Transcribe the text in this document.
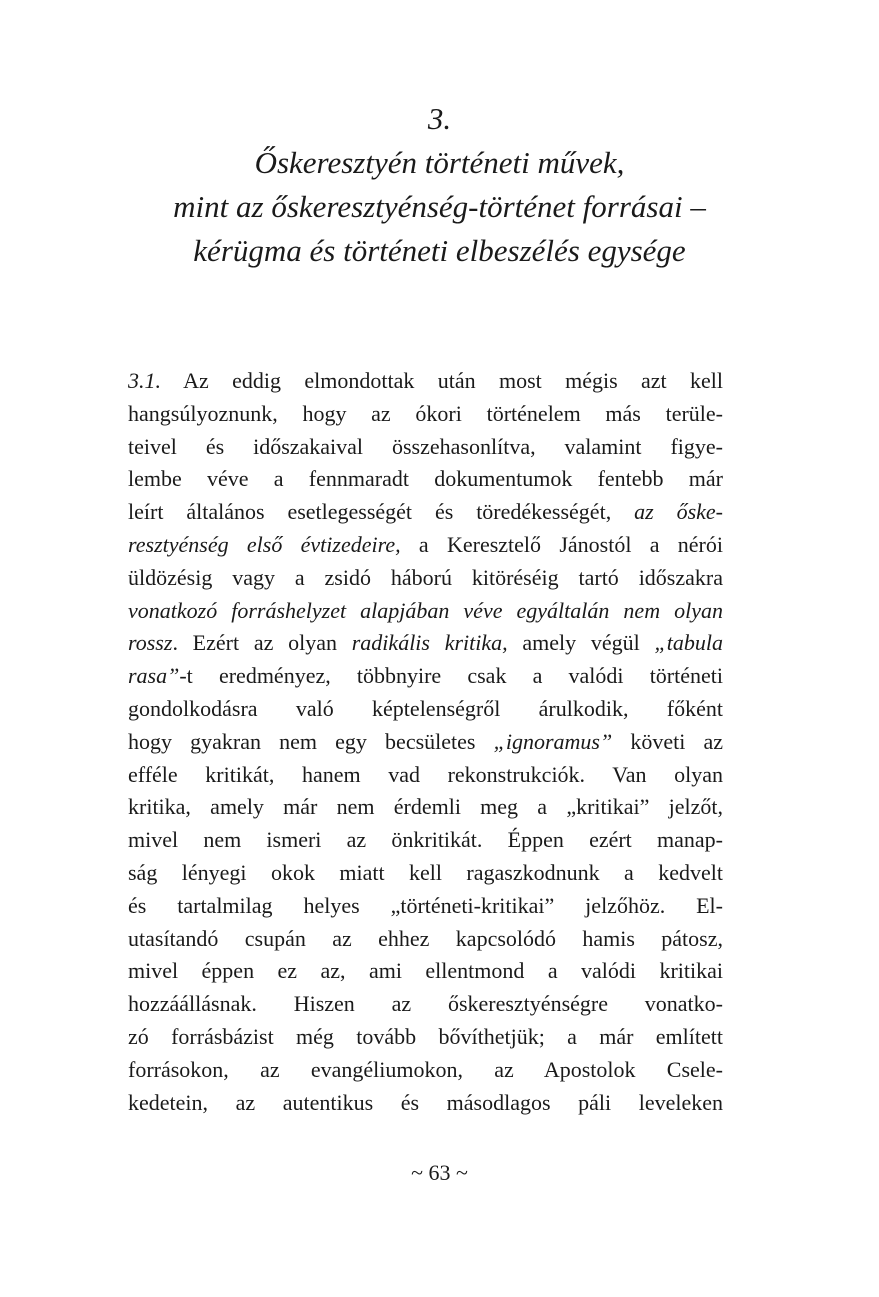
3.
Őskeresztyén történeti művek,
mint az őskeresztyénség-történet forrásai –
kérügma és történeti elbeszélés egysége
3.1. Az eddig elmondottak után most mégis azt kell
hangsúlyoznunk, hogy az ókori történelem más terüle-
teivel és időszakaival összehasonlítva, valamint figye-
lembe véve a fennmaradt dokumentumok fentebb már
leírt általános esetlegességét és töredékességét, az őske-
resztyénség első évtizedeire, a Keresztelő Jánostól a nérói
üldözésig vagy a zsidó háború kitöréséig tartó időszakra
vonatkozó forráshelyzet alapjában véve egyáltalán nem olyan
rossz. Ezért az olyan radikális kritika, amely végül „tabula
rasa”-t eredményez, többnyire csak a valódi történeti
gondolkodásra való képtelenségről árulkodik, főként
hogy gyakran nem egy becsületes „ignoramus” követi az
efféle kritikát, hanem vad rekonstrukciók. Van olyan
kritika, amely már nem érdemli meg a „kritikai” jelzőt,
mivel nem ismeri az önkritikát. Éppen ezért manap-
ság lényegi okok miatt kell ragaszkodnunk a kedvelt
és tartalmilag helyes „történeti-kritikai” jelzőhöz. El-
utasítandó csupán az ehhez kapcsolódó hamis pátosz,
mivel éppen ez az, ami ellentmond a valódi kritikai
hozzáállásnak. Hiszen az őskeresztyénségre vonatko-
zó forrásbázist még tovább bővíthetjük; a már említett
forrásokon, az evangéliumokon, az Apostolok Csele-
kedetein, az autentikus és másodlagos páli leveleken
~ 63 ~
